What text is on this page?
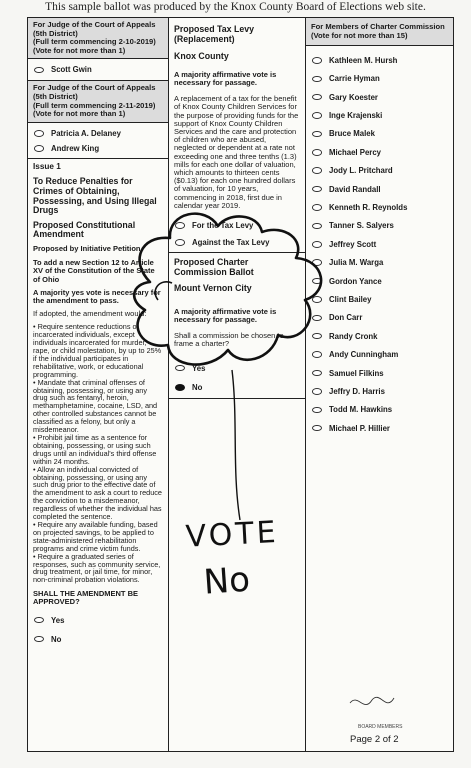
This sample ballot was produced by the Knox County Board of Elections web site.
For Judge of the Court of Appeals
(5th District)
(Full term commencing 2-10-2019)
(Vote for not more than 1)
Scott Gwin
For Judge of the Court of Appeals
(5th District)
(Full term commencing 2-11-2019)
(Vote for not more than 1)
Patricia A. Delaney
Andrew King
Issue 1
To Reduce Penalties for Crimes of Obtaining, Possessing, and Using Illegal Drugs
Proposed Constitutional Amendment
Proposed by Initiative Petition
To add a new Section 12 to Article XV of the Constitution of the State of Ohio
A majority yes vote is necessary for the amendment to pass.
If adopted, the amendment would:
• Require sentence reductions of incarcerated individuals, except individuals incarcerated for murder, rape, or child molestation, by up to 25% if the individual participates in rehabilitative, work, or educational programming.
• Mandate that criminal offenses of obtaining, possessing, or using any drug such as fentanyl, heroin, methamphetamine, cocaine, LSD, and other controlled substances cannot be classified as a felony, but only a misdemeanor.
• Prohibit jail time as a sentence for obtaining, possessing, or using such drugs until an individual's third offense within 24 months.
• Allow an individual convicted of obtaining, possessing, or using any such drug prior to the effective date of the amendment to ask a court to reduce the conviction to a misdemeanor, regardless of whether the individual has completed the sentence.
• Require any available funding, based on projected savings, to be applied to state-administered rehabilitation programs and crime victim funds.
• Require a graduated series of responses, such as community service, drug treatment, or jail time, for minor, non-criminal probation violations.
SHALL THE AMENDMENT BE APPROVED?
Yes
No
Proposed Tax Levy (Replacement)
Knox County
A majority affirmative vote is necessary for passage.
A replacement of a tax for the benefit of Knox County Children Services for the purpose of providing funds for the support of Knox County Children Services and the care and protection of children who are abused, neglected or dependent at a rate not exceeding one and three tenths (1.3) mills for each one dollar of valuation, which amounts to thirteen cents ($0.13) for each one hundred dollars of valuation, for 10 years, commencing in 2018, first due in calendar year 2019.
For the Tax Levy
Against the Tax Levy
Proposed Charter Commission Ballot
Mount Vernon City
A majority affirmative vote is necessary for passage.
Shall a commission be chosen to frame a charter?
Yes
No
For Members of Charter Commission
(Vote for not more than 15)
Kathleen M. Hursh
Carrie Hyman
Gary Koester
Inge Krajenski
Bruce Malek
Michael Percy
Jody L. Pritchard
David Randall
Kenneth R. Reynolds
Tanner S. Salyers
Jeffrey Scott
Julia M. Warga
Gordon Yance
Clint Bailey
Don Carr
Randy Cronk
Andy Cunningham
Samuel Filkins
Jeffry D. Harris
Todd M. Hawkins
Michael P. Hillier
BOARD MEMBERS
Page 2 of 2
VOTE
No
